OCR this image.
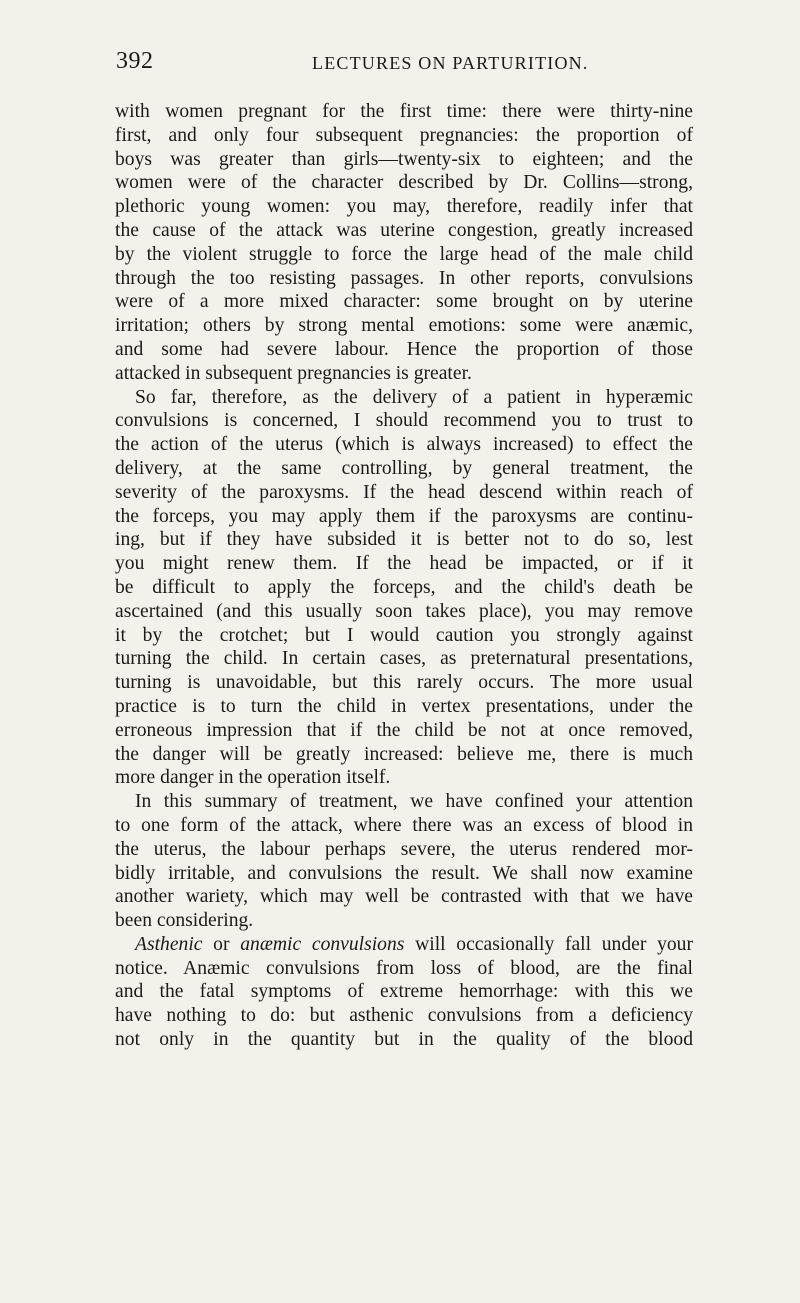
392	LECTURES ON PARTURITION.
with women pregnant for the first time: there were thirty-nine
first, and only four subsequent pregnancies: the proportion of
boys was greater than girls—twenty-six to eighteen; and the
women were of the character described by Dr. Collins—strong,
plethoric young women: you may, therefore, readily infer that
the cause of the attack was uterine congestion, greatly increased
by the violent struggle to force the large head of the male child
through the too resisting passages. In other reports, convulsions
were of a more mixed character: some brought on by uterine
irritation; others by strong mental emotions: some were anæmic,
and some had severe labour. Hence the proportion of those
attacked in subsequent pregnancies is greater.
So far, therefore, as the delivery of a patient in hyperæmic
convulsions is concerned, I should recommend you to trust to
the action of the uterus (which is always increased) to effect the
delivery, at the same controlling, by general treatment, the
severity of the paroxysms. If the head descend within reach of
the forceps, you may apply them if the paroxysms are continu-
ing, but if they have subsided it is better not to do so, lest
you might renew them. If the head be impacted, or if it
be difficult to apply the forceps, and the child's death be
ascertained (and this usually soon takes place), you may remove
it by the crotchet; but I would caution you strongly against
turning the child. In certain cases, as preternatural presentations,
turning is unavoidable, but this rarely occurs. The more usual
practice is to turn the child in vertex presentations, under the
erroneous impression that if the child be not at once removed,
the danger will be greatly increased: believe me, there is much
more danger in the operation itself.
In this summary of treatment, we have confined your attention
to one form of the attack, where there was an excess of blood in
the uterus, the labour perhaps severe, the uterus rendered mor-
bidly irritable, and convulsions the result. We shall now examine
another wariety, which may well be contrasted with that we have
been considering.
Asthenic or anæmic convulsions will occasionally fall under your
notice. Anæmic convulsions from loss of blood, are the final
and the fatal symptoms of extreme hemorrhage: with this we
have nothing to do: but asthenic convulsions from a deficiency
not only in the quantity but in the quality of the blood
